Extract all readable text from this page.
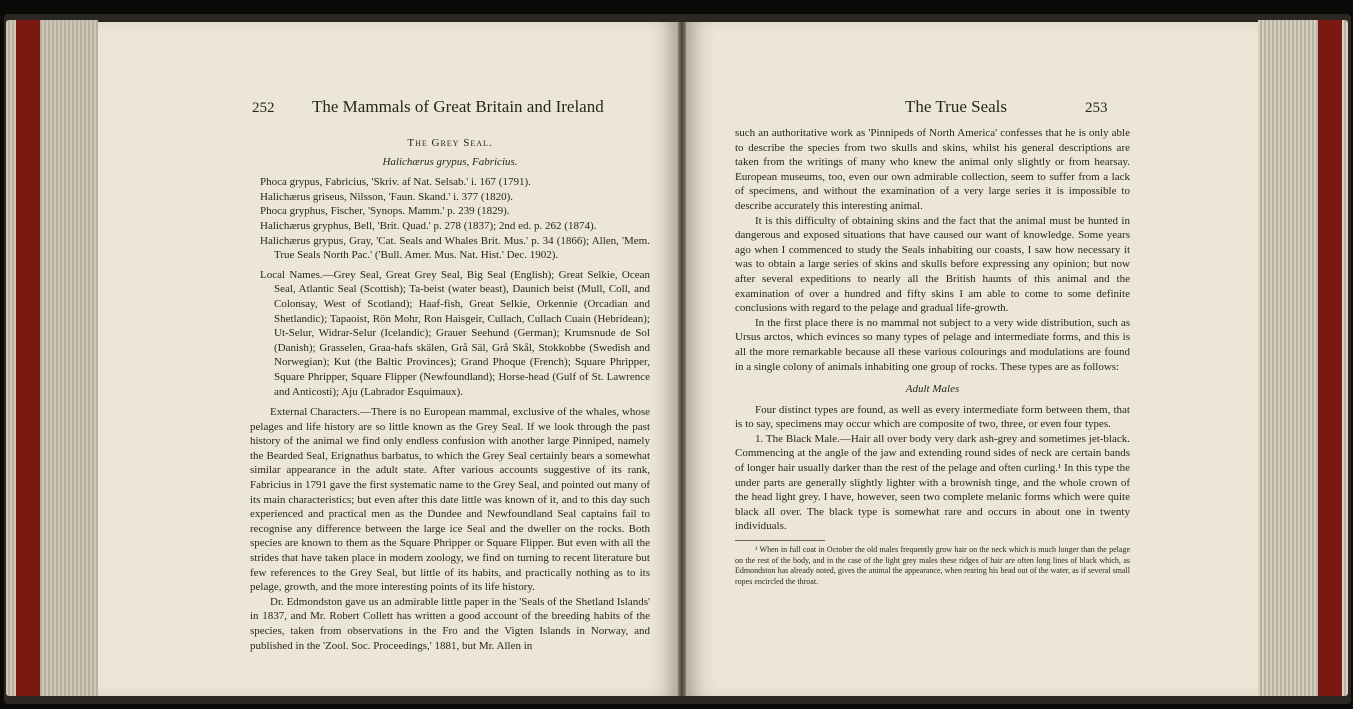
252 The Mammals of Great Britain and Ireland

The Grey Seal.

Halichærus grypus, Fabricius.

Phoca grypus, Fabricius, 'Skriv. af Nat. Selsab.' i. 167 (1791).

Halichærus griseus, Nilsson, 'Faun. Skand.' i. 377 (1820).

Phoca gryphus, Fischer, 'Synops. Mamm.' p. 239 (1829).

Halichærus gryphus, Bell, 'Brit. Quad.' p. 278 (1837); 2nd ed. p. 262 (1874).

Halichærus grypus, Gray, 'Cat. Seals and Whales Brit. Mus.' p. 34 (1866); Allen, 'Mem. True Seals North Pac.' ('Bull. Amer. Mus. Nat. Hist.' Dec. 1902).

Local Names.—Grey Seal, Great Grey Seal, Big Seal (English); Great Selkie, Ocean Seal, Atlantic Seal (Scottish); Ta-beist (water beast), Daunich beist (Mull, Coll, and Colonsay, West of Scotland); Haaf-fish, Great Selkie, Orkennie (Orcadian and Shetlandic); Tapaoist, Rön Mohr, Ron Haisgeir, Cullach, Cullach Cuain (Hebridean); Ut-Selur, Widrar-Selur (Icelandic); Grauer Seehund (German); Krumsnude de Sol (Danish); Grasselen, Graa-hafs skälen, Grå Säl, Grå Skål, Stokkobbe (Swedish and Norwegian); Kut (the Baltic Provinces); Grand Phoque (French); Square Phripper, Square Phripper, Square Flipper (Newfoundland); Horse-head (Gulf of St. Lawrence and Anticosti); Aju (Labrador Esquimaux).

External Characters.—There is no European mammal, exclusive of the whales, whose pelages and life history are so little known as the Grey Seal. If we look through the past history of the animal we find only endless confusion with another large Pinniped, namely the Bearded Seal, Erignathus barbatus, to which the Grey Seal certainly bears a somewhat similar appearance in the adult state. After various accounts suggestive of its rank, Fabricius in 1791 gave the first systematic name to the Grey Seal, and pointed out many of its main characteristics; but even after this date little was known of it, and to this day such experienced and practical men as the Dundee and Newfoundland Seal captains fail to recognise any difference between the large ice Seal and the dweller on the rocks. Both species are known to them as the Square Phripper or Square Flipper. But even with all the strides that have taken place in modern zoology, we find on turning to recent literature but few references to the Grey Seal, but little of its habits, and practically nothing as to its pelage, growth, and the more interesting points of its life history.

Dr. Edmondston gave us an admirable little paper in the 'Seals of the Shetland Islands' in 1837, and Mr. Robert Collett has written a good account of the breeding habits of the species, taken from observations in the Fro and the Vigten Islands in Norway, and published in the 'Zool. Soc. Proceedings,' 1881, but Mr. Allen in

The True Seals	253

such an authoritative work as 'Pinnipeds of North America' confesses that he is only able to describe the species from two skulls and skins, whilst his general descriptions are taken from the writings of many who knew the animal only slightly or from hearsay. European museums, too, even our own admirable collection, seem to suffer from a lack of specimens, and without the examination of a very large series it is impossible to describe accurately this interesting animal.

It is this difficulty of obtaining skins and the fact that the animal must be hunted in dangerous and exposed situations that have caused our want of knowledge. Some years ago when I commenced to study the Seals inhabiting our coasts, I saw how necessary it was to obtain a large series of skins and skulls before expressing any opinion; but now after several expeditions to nearly all the British haunts of this animal and the examination of over a hundred and fifty skins I am able to come to some definite conclusions with regard to the pelage and gradual life-growth.

In the first place there is no mammal not subject to a very wide distribution, such as Ursus arctos, which evinces so many types of pelage and intermediate forms, and this is all the more remarkable because all these various colourings and modulations are found in a single colony of animals inhabiting one group of rocks. These types are as follows:

Adult Males

Four distinct types are found, as well as every intermediate form between them, that is to say, specimens may occur which are composite of two, three, or even four types.

1. The Black Male.—Hair all over body very dark ash-grey and sometimes jet-black. Commencing at the angle of the jaw and extending round sides of neck are certain bands of longer hair usually darker than the rest of the pelage and often curling.¹ In this type the under parts are generally slightly lighter with a brownish tinge, and the whole crown of the head light grey. I have, however, seen two complete melanic forms which were quite black all over. The black type is somewhat rare and occurs in about one in twenty individuals.

¹ When in full coat in October the old males frequently grow hair on the neck which is much longer than the pelage on the rest of the body, and in the case of the light grey males these ridges of hair are often long lines of black which, as Edmondston has already noted, gives the animal the appearance, when rearing his head out of the water, as if several small ropes encircled the throat.
